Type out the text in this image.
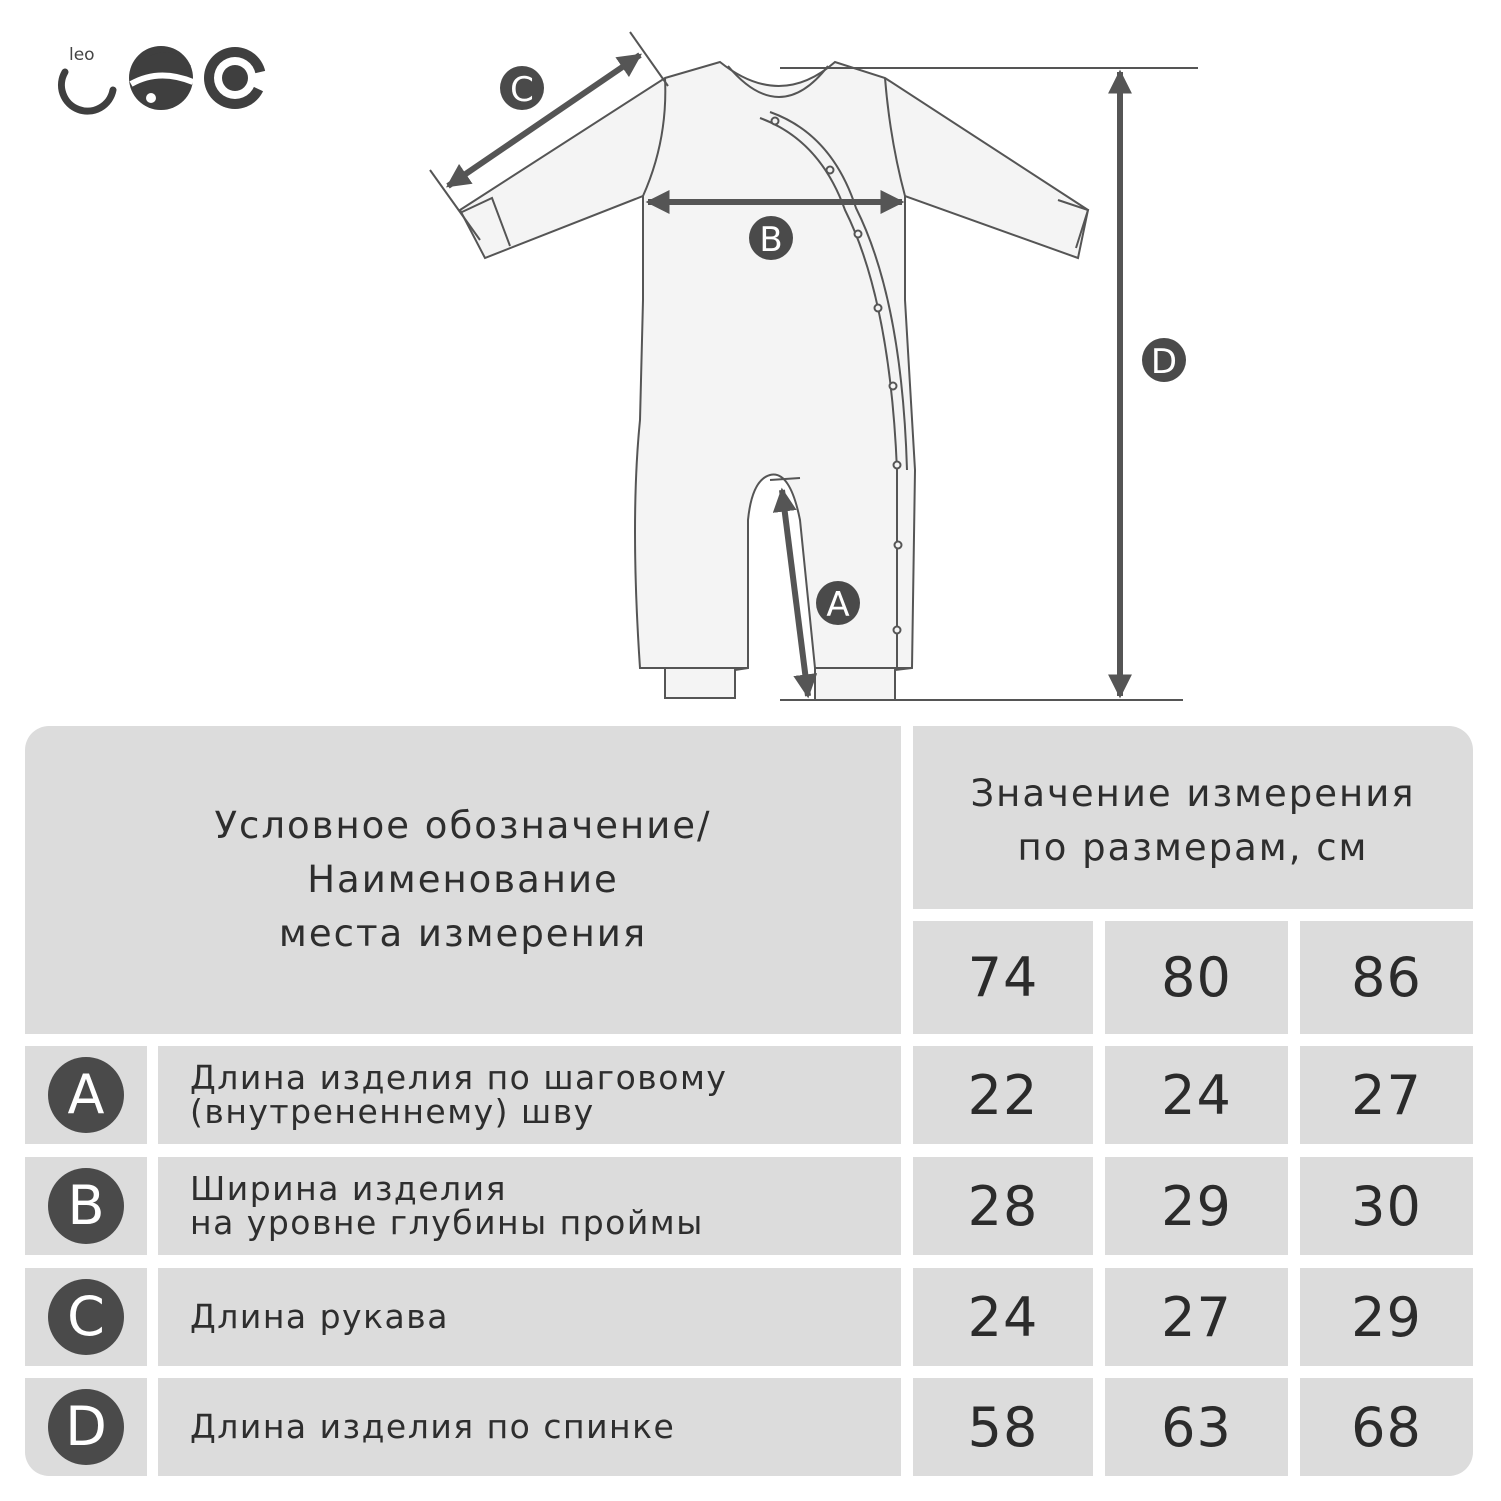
leo
C
B
D
A
Условное обозначение/
Наименование
места измерения
Значение измерения
по размерам, см
74	80	86
A	Длина изделия по шаговому
(внутрененнему) шву	22	24	27
B	Ширина изделия
на уровне глубины проймы	28	29	30
C	Длина рукава	24	27	29
D	Длина изделия по спинке	58	63	68
